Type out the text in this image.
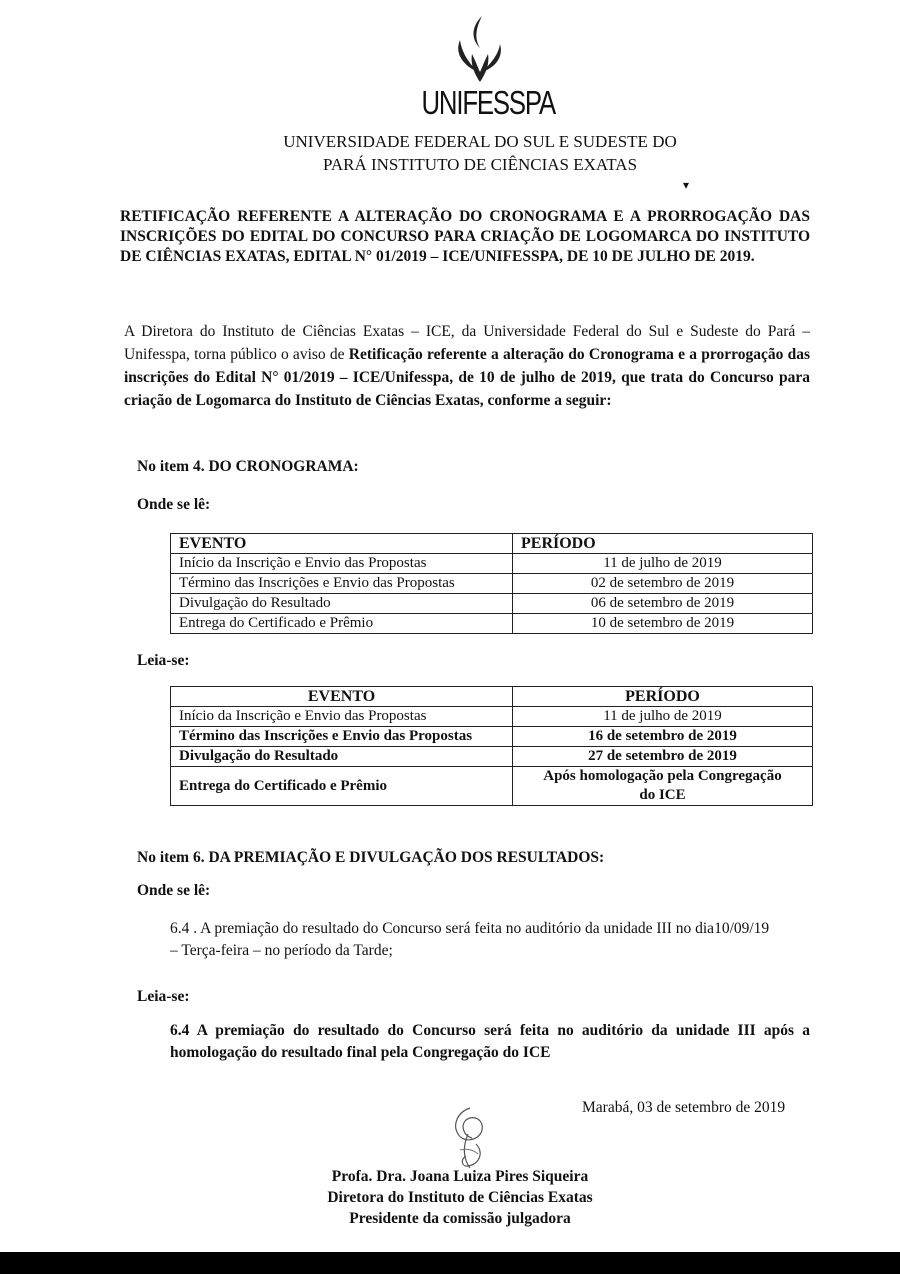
UNIFESSPA
UNIVERSIDADE FEDERAL DO SUL E SUDESTE DO
PARÁ INSTITUTO DE CIÊNCIAS EXATAS
▾
RETIFICAÇÃO REFERENTE A ALTERAÇÃO DO CRONOGRAMA E A PRORROGAÇÃO DAS INSCRIÇÕES DO EDITAL DO CONCURSO PARA CRIAÇÃO DE LOGOMARCA DO INSTITUTO DE CIÊNCIAS EXATAS, EDITAL N° 01/2019 – ICE/UNIFESSPA, DE 10 DE JULHO DE 2019.
A Diretora do Instituto de Ciências Exatas – ICE, da Universidade Federal do Sul e Sudeste do Pará – Unifesspa, torna público o aviso de Retificação referente a alteração do Cronograma e a prorrogação das inscrições do Edital N° 01/2019 – ICE/Unifesspa, de 10 de julho de 2019, que trata do Concurso para criação de Logomarca do Instituto de Ciências Exatas, conforme a seguir:
No item 4. DO CRONOGRAMA:
Onde se lê:
EVENTO	PERÍODO
Início da Inscrição e Envio das Propostas	11 de julho de 2019
Término das Inscrições e Envio das Propostas	02 de setembro de 2019
Divulgação do Resultado	06 de setembro de 2019
Entrega do Certificado e Prêmio	10 de setembro de 2019
Leia-se:
EVENTO	PERÍODO
Início da Inscrição e Envio das Propostas	11 de julho de 2019
Término das Inscrições e Envio das Propostas	16 de setembro de 2019
Divulgação do Resultado	27 de setembro de 2019
Entrega do Certificado e Prêmio	Após homologação pela Congregação do ICE
No item 6. DA PREMIAÇÃO E DIVULGAÇÃO DOS RESULTADOS:
Onde se lê:
6.4 . A premiação do resultado do Concurso será feita no auditório da unidade III no dia10/09/19
– Terça-feira – no período da Tarde;
Leia-se:
6.4 A premiação do resultado do Concurso será feita no auditório da unidade III após a homologação do resultado final pela Congregação do ICE
Marabá, 03 de setembro de 2019
Profa. Dra. Joana Luiza Pires Siqueira
Diretora do Instituto de Ciências Exatas
Presidente da comissão julgadora
